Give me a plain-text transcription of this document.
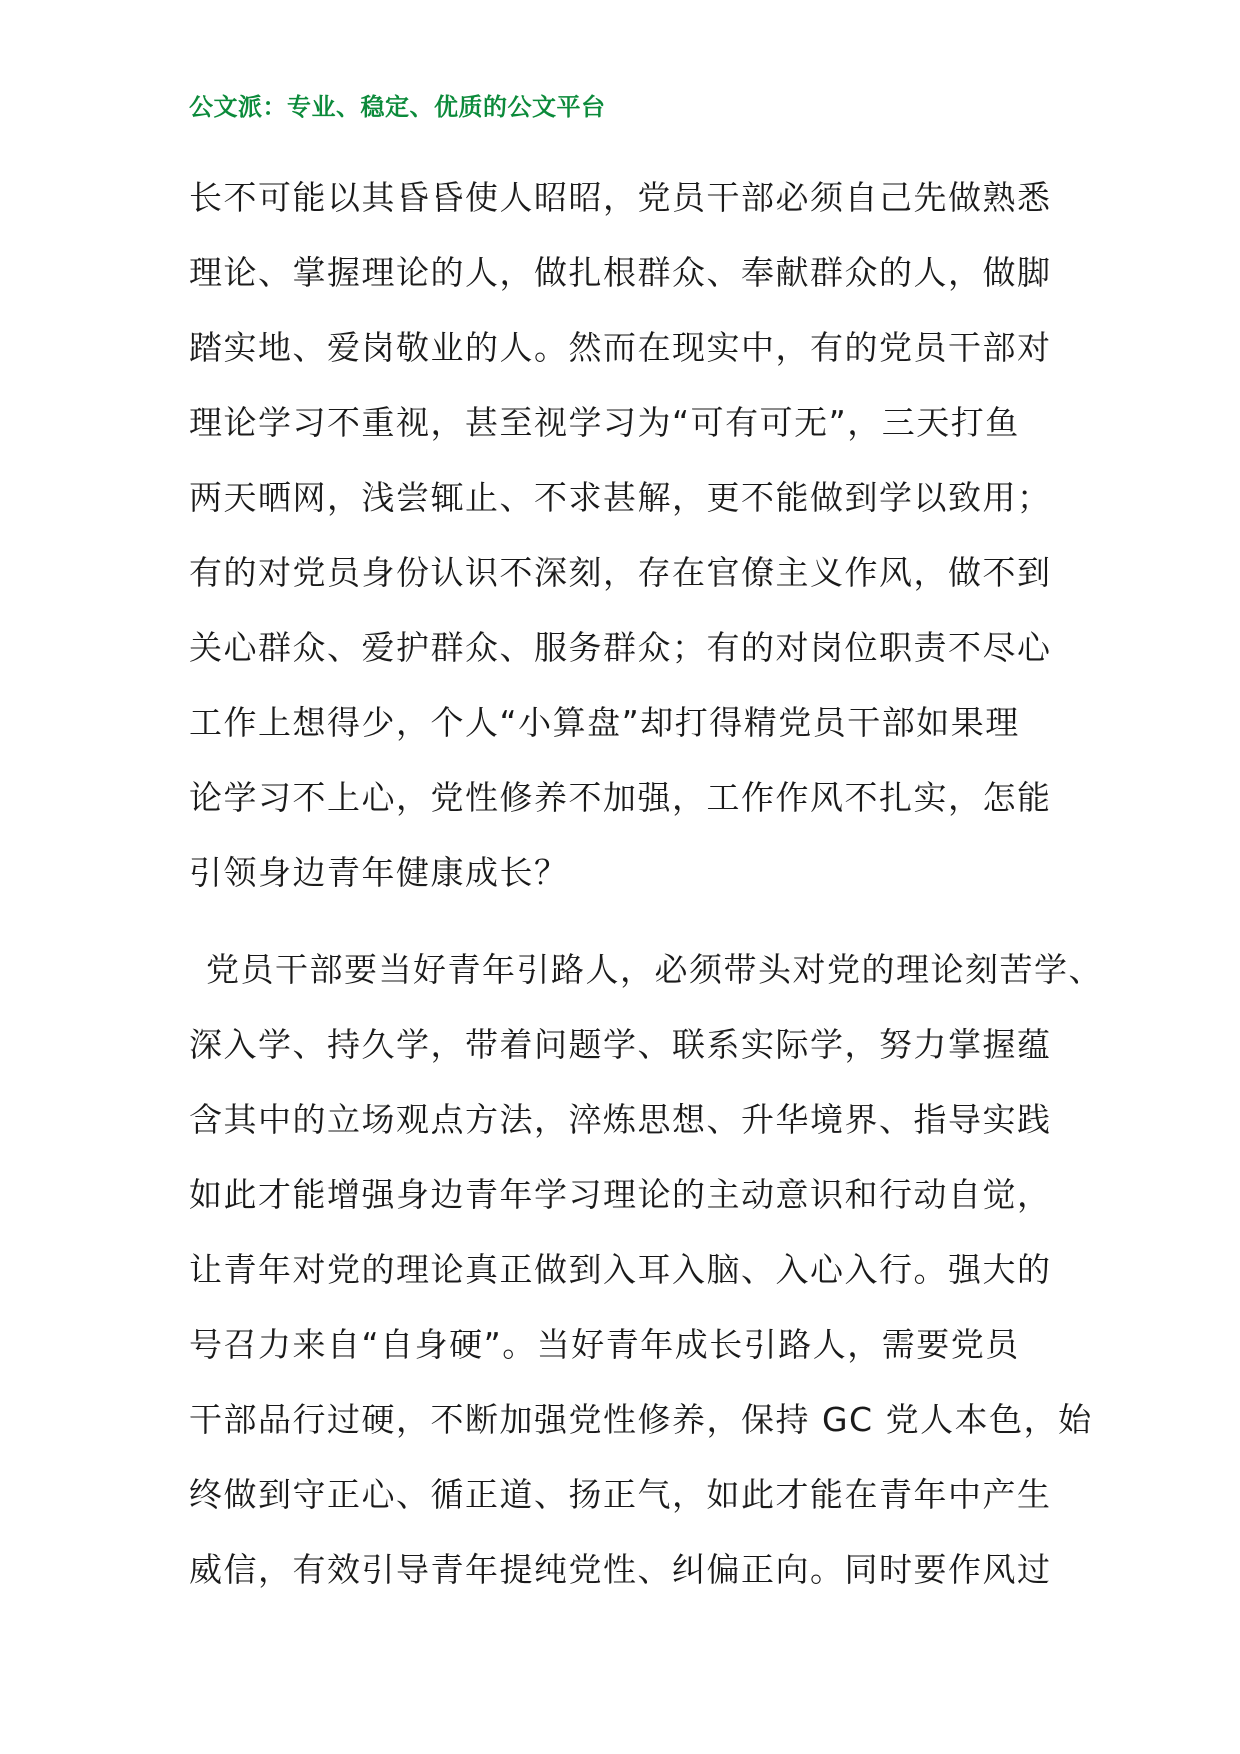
公文派：专业、稳定、优质的公文平台
长不可能以其昏昏使人昭昭，党员干部必须自己先做熟悉
理论、掌握理论的人，做扎根群众、奉献群众的人，做脚
踏实地、爱岗敬业的人。然而在现实中，有的党员干部对
理论学习不重视，甚至视学习为“可有可无”，三天打鱼
两天晒网，浅尝辄止、不求甚解，更不能做到学以致用；
有的对党员身份认识不深刻，存在官僚主义作风，做不到
关心群众、爱护群众、服务群众；有的对岗位职责不尽心
工作上想得少，个人“小算盘”却打得精党员干部如果理
论学习不上心，党性修养不加强，工作作风不扎实，怎能
引领身边青年健康成长？
党员干部要当好青年引路人，必须带头对党的理论刻苦学、
深入学、持久学，带着问题学、联系实际学，努力掌握蕴
含其中的立场观点方法，淬炼思想、升华境界、指导实践
如此才能增强身边青年学习理论的主动意识和行动自觉，
让青年对党的理论真正做到入耳入脑、入心入行。强大的
号召力来自“自身硬”。当好青年成长引路人，需要党员
干部品行过硬，不断加强党性修养，保持 GC 党人本色，始
终做到守正心、循正道、扬正气，如此才能在青年中产生
威信，有效引导青年提纯党性、纠偏正向。同时要作风过
